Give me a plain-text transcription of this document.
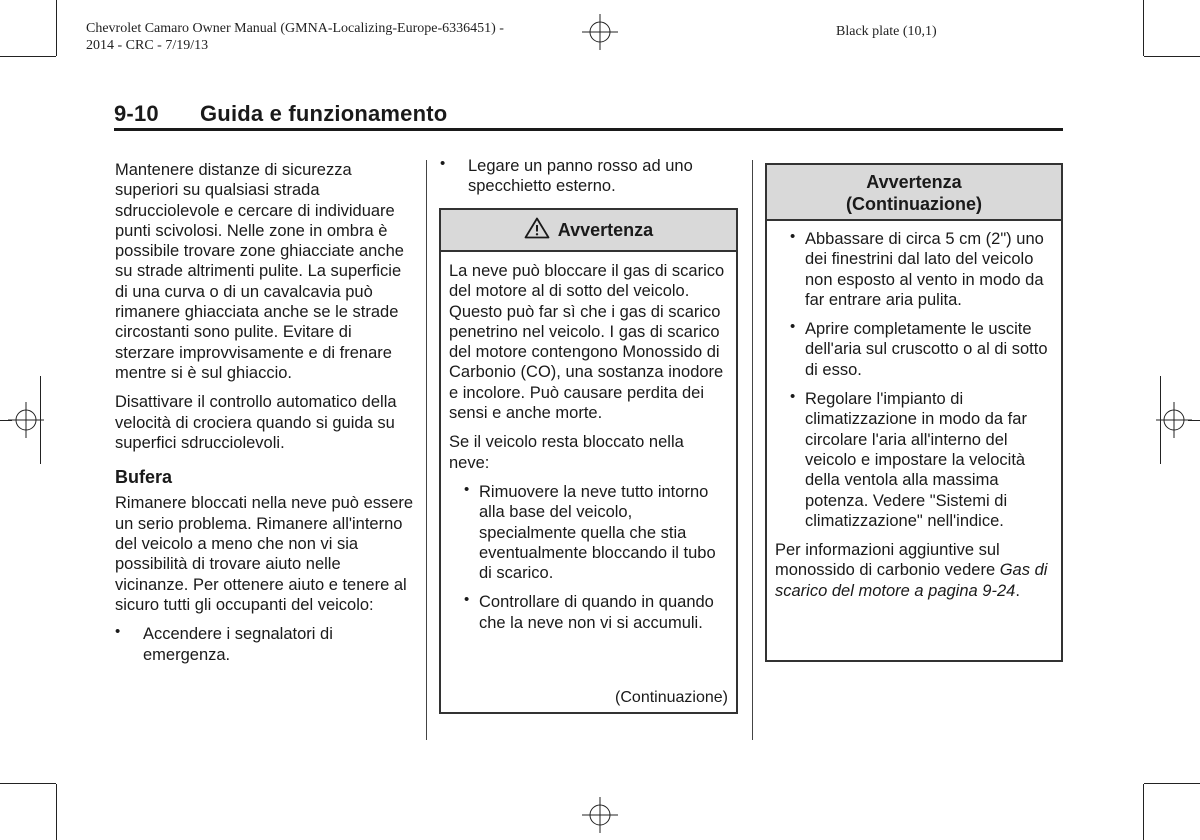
Chevrolet Camaro Owner Manual (GMNA-Localizing-Europe-6336451) -
2014 - CRC - 7/19/13
Black plate (10,1)
9-10 Guida e funzionamento

Mantenere distanze di sicurezza superiori su qualsiasi strada sdrucciolevole e cercare di individuare punti scivolosi. Nelle zone in ombra è possibile trovare zone ghiacciate anche su strade altrimenti pulite. La superficie di una curva o di un cavalcavia può rimanere ghiacciata anche se le strade circostanti sono pulite. Evitare di sterzare improvvisamente e di frenare mentre si è sul ghiaccio.

Disattivare il controllo automatico della velocità di crociera quando si guida su superfici sdrucciolevoli.

Bufera

Rimanere bloccati nella neve può essere un serio problema. Rimanere all'interno del veicolo a meno che non vi sia possibilità di trovare aiuto nelle vicinanze. Per ottenere aiuto e tenere al sicuro tutti gli occupanti del veicolo:

• Accendere i segnalatori di emergenza.
• Legare un panno rosso ad uno specchietto esterno.
Avvertenza

La neve può bloccare il gas di scarico del motore al di sotto del veicolo. Questo può far sì che i gas di scarico penetrino nel veicolo. I gas di scarico del motore contengono Monossido di Carbonio (CO), una sostanza inodore e incolore. Può causare perdita dei sensi e anche morte.

Se il veicolo resta bloccato nella neve:

• Rimuovere la neve tutto intorno alla base del veicolo, specialmente quella che stia eventualmente bloccando il tubo di scarico.
• Controllare di quando in quando che la neve non vi si accumuli.
(Continuazione)
Avvertenza
(Continuazione)
• Abbassare di circa 5 cm (2") uno dei finestrini dal lato del veicolo non esposto al vento in modo da far entrare aria pulita.
• Aprire completamente le uscite dell'aria sul cruscotto o al di sotto di esso.
• Regolare l'impianto di climatizzazione in modo da far circolare l'aria all'interno del veicolo e impostare la velocità della ventola alla massima potenza. Vedere "Sistemi di climatizzazione" nell'indice.

Per informazioni aggiuntive sul monossido di carbonio vedere Gas di scarico del motore a pagina 9-24.
